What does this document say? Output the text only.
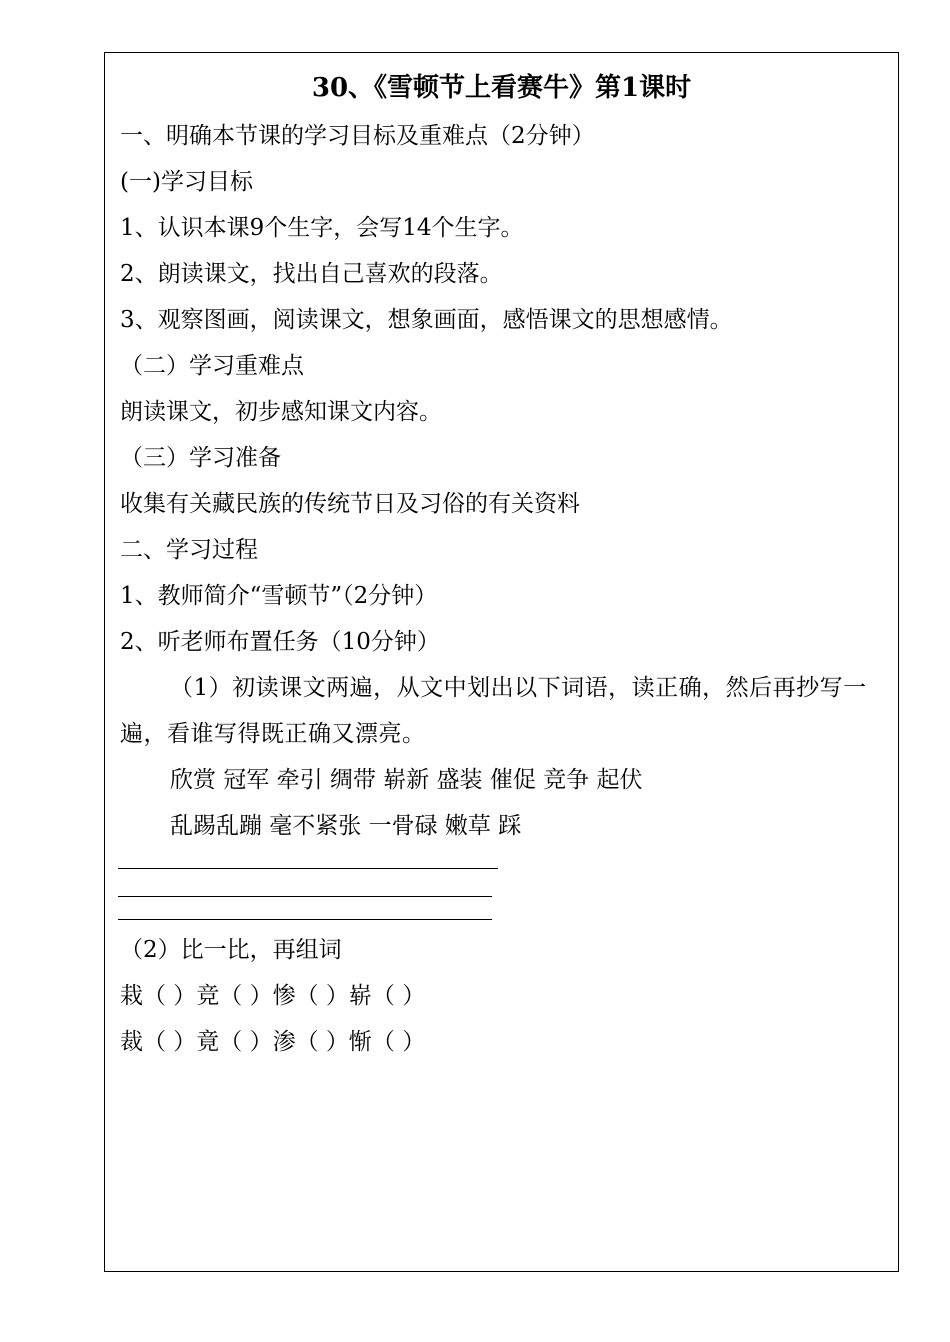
30、《雪顿节上看赛牛》第1课时
一、明确本节课的学习目标及重难点（2分钟）
(一)学习目标
1、认识本课9个生字，会写14个生字。
2、朗读课文，找出自己喜欢的段落。
3、观察图画，阅读课文，想象画面，感悟课文的思想感情。
（二）学习重难点
朗读课文，初步感知课文内容。
（三）学习准备
收集有关藏民族的传统节日及习俗的有关资料
二、学习过程
1、教师简介“雪顿节”（2分钟）
2、听老师布置任务（10分钟）
（1）初读课文两遍，从文中划出以下词语，读正确，然后再抄写一遍，看谁写得既正确又漂亮。
欣赏 冠军 牵引 绸带 崭新 盛装 催促 竞争 起伏
乱踢乱蹦 毫不紧张 一骨碌 嫩草 踩
（2）比一比，再组词
栽（ ）竞（ ）惨（ ）崭（ ）
裁（ ）竟（ ）渗（ ）惭（ ）
